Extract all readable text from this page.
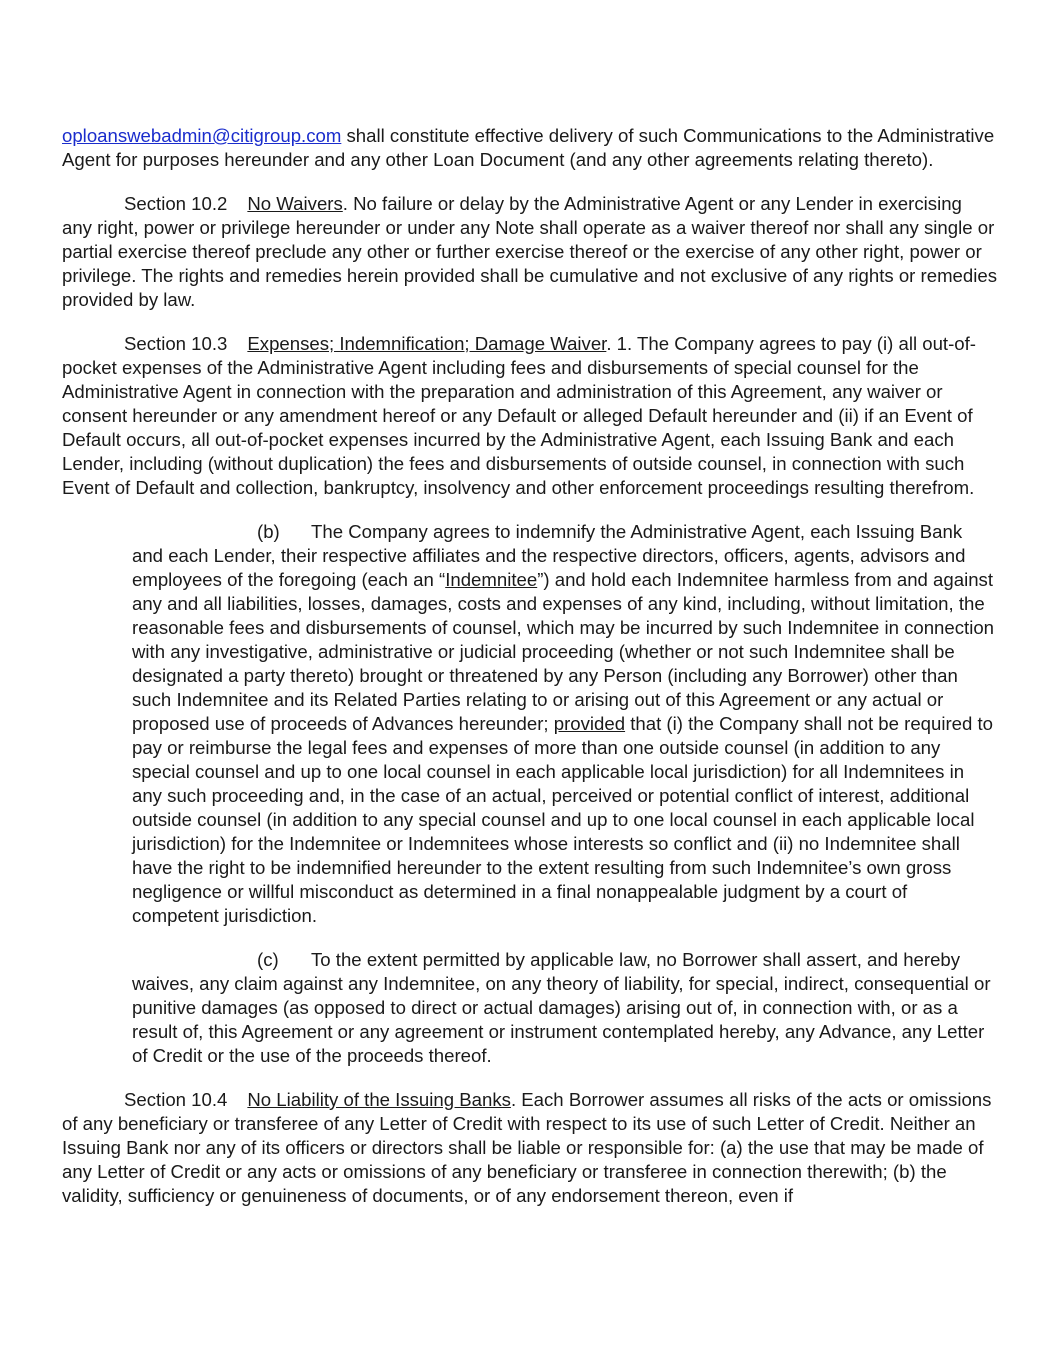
oploanswebadmin@citigroup.com shall constitute effective delivery of such Communications to the Administrative Agent for purposes hereunder and any other Loan Document (and any other agreements relating thereto).

Section 10.2 No Waivers. No failure or delay by the Administrative Agent or any Lender in exercising any right, power or privilege hereunder or under any Note shall operate as a waiver thereof nor shall any single or partial exercise thereof preclude any other or further exercise thereof or the exercise of any other right, power or privilege. The rights and remedies herein provided shall be cumulative and not exclusive of any rights or remedies provided by law.

Section 10.3 Expenses; Indemnification; Damage Waiver. 1. The Company agrees to pay (i) all out-of-pocket expenses of the Administrative Agent including fees and disbursements of special counsel for the Administrative Agent in connection with the preparation and administration of this Agreement, any waiver or consent hereunder or any amendment hereof or any Default or alleged Default hereunder and (ii) if an Event of Default occurs, all out-of-pocket expenses incurred by the Administrative Agent, each Issuing Bank and each Lender, including (without duplication) the fees and disbursements of outside counsel, in connection with such Event of Default and collection, bankruptcy, insolvency and other enforcement proceedings resulting therefrom.

(b) The Company agrees to indemnify the Administrative Agent, each Issuing Bank and each Lender, their respective affiliates and the respective directors, officers, agents, advisors and employees of the foregoing (each an “Indemnitee”) and hold each Indemnitee harmless from and against any and all liabilities, losses, damages, costs and expenses of any kind, including, without limitation, the reasonable fees and disbursements of counsel, which may be incurred by such Indemnitee in connection with any investigative, administrative or judicial proceeding (whether or not such Indemnitee shall be designated a party thereto) brought or threatened by any Person (including any Borrower) other than such Indemnitee and its Related Parties relating to or arising out of this Agreement or any actual or proposed use of proceeds of Advances hereunder; provided that (i) the Company shall not be required to pay or reimburse the legal fees and expenses of more than one outside counsel (in addition to any special counsel and up to one local counsel in each applicable local jurisdiction) for all Indemnitees in any such proceeding and, in the case of an actual, perceived or potential conflict of interest, additional outside counsel (in addition to any special counsel and up to one local counsel in each applicable local jurisdiction) for the Indemnitee or Indemnitees whose interests so conflict and (ii) no Indemnitee shall have the right to be indemnified hereunder to the extent resulting from such Indemnitee’s own gross negligence or willful misconduct as determined in a final nonappealable judgment by a court of competent jurisdiction.

(c) To the extent permitted by applicable law, no Borrower shall assert, and hereby waives, any claim against any Indemnitee, on any theory of liability, for special, indirect, consequential or punitive damages (as opposed to direct or actual damages) arising out of, in connection with, or as a result of, this Agreement or any agreement or instrument contemplated hereby, any Advance, any Letter of Credit or the use of the proceeds thereof.

Section 10.4 No Liability of the Issuing Banks. Each Borrower assumes all risks of the acts or omissions of any beneficiary or transferee of any Letter of Credit with respect to its use of such Letter of Credit. Neither an Issuing Bank nor any of its officers or directors shall be liable or responsible for: (a) the use that may be made of any Letter of Credit or any acts or omissions of any beneficiary or transferee in connection therewith; (b) the validity, sufficiency or genuineness of documents, or of any endorsement thereon, even if
